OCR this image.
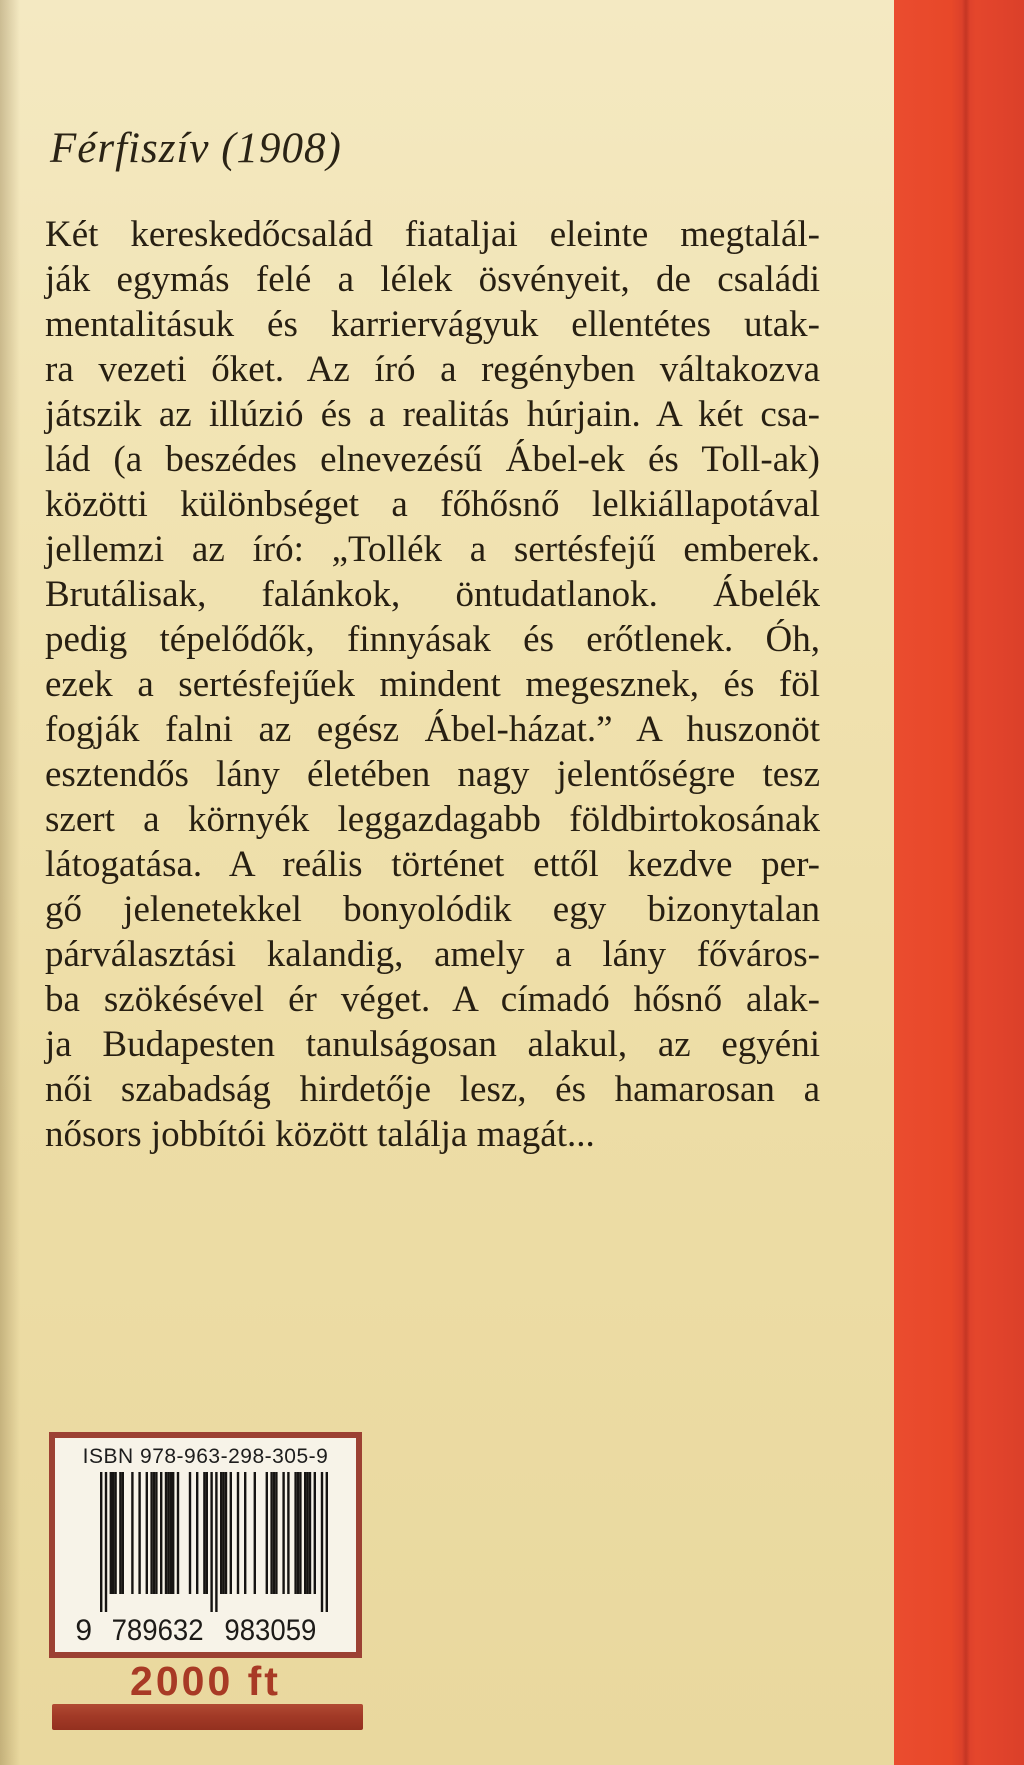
Férfiszív (1908)
Két kereskedőcsalád fiataljai eleinte megtalál-
ják egymás felé a lélek ösvényeit, de családi
mentalitásuk és karriervágyuk ellentétes utak-
ra vezeti őket. Az író a regényben váltakozva
játszik az illúzió és a realitás húrjain. A két csa-
lád (a beszédes elnevezésű Ábel-ek és Toll-ak)
közötti különbséget a főhősnő lelkiállapotával
jellemzi az író: „Tollék a sertésfejű emberek.
Brutálisak, falánkok, öntudatlanok. Ábelék
pedig tépelődők, finnyásak és erőtlenek. Óh,
ezek a sertésfejűek mindent megesznek, és föl
fogják falni az egész Ábel-házat.” A huszonöt
esztendős lány életében nagy jelentőségre tesz
szert a környék leggazdagabb földbirtokosának
látogatása. A reális történet ettől kezdve per-
gő jelenetekkel bonyolódik egy bizonytalan
párválasztási kalandig, amely a lány főváros-
ba szökésével ér véget. A címadó hősnő alak-
ja Budapesten tanulságosan alakul, az egyéni
női szabadság hirdetője lesz, és hamarosan a
nősors jobbítói között találja magát...
ISBN 978-963-298-305-9
9 789632 983059
2000 ft
